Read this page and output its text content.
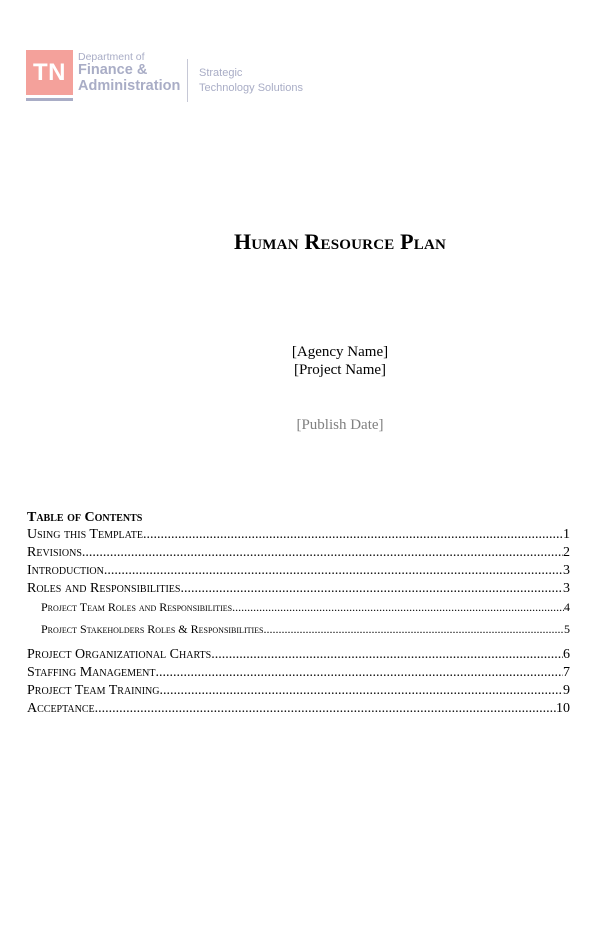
TN
Department of
Finance &
Administration
Strategic
Technology Solutions
Human Resource Plan
[Agency Name]
[Project Name]
[Publish Date]
Table of Contents
Using this Template .....	1
Revisions .....	2
Introduction .....	3
Roles and Responsibilities .....	3
Project Team Roles and Responsibilities .....	4
Project Stakeholders Roles & Responsibilities .....	5
Project Organizational Charts .....	6
Staffing Management .....	7
Project Team Training .....	9
Acceptance .....	10
